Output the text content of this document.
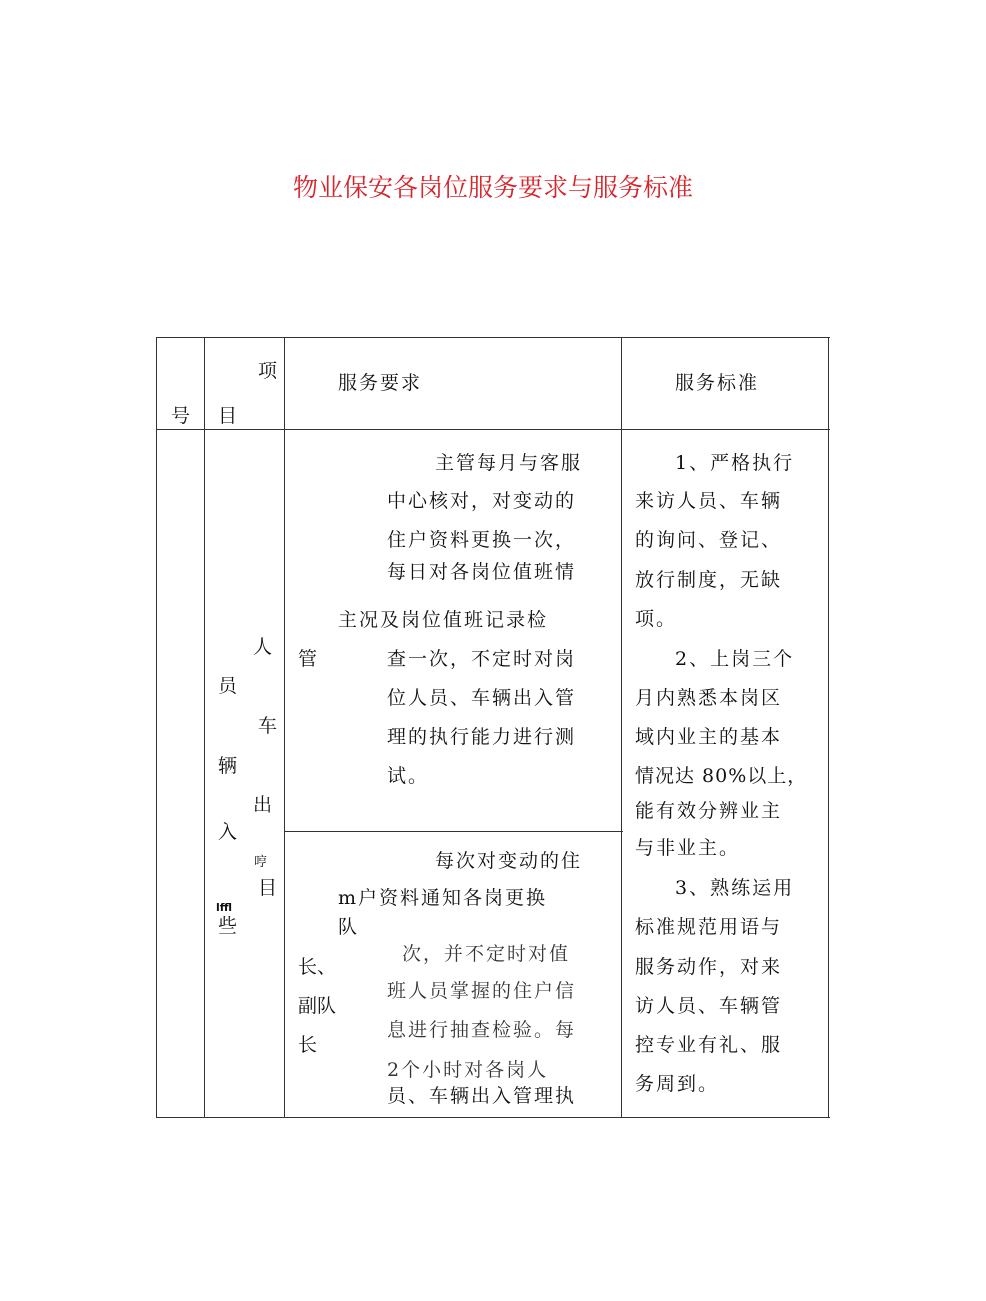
物业保安各岗位服务要求与服务标准
号
项
目
服务要求	服务标准
人
员
车
辆
出
入
哼
目
lffl
些
管
主管每月与客服
中心核对，对变动的
住户资料更换一次，
每日对各岗位值班情
主况及岗位值班记录检
查一次，不定时对岗
位人员、车辆出入管
理的执行能力进行测
试。
长、
副队
长
每次对变动的住
m户资料通知各岗更换
队
次，并不定时对值
班人员掌握的住户信
息进行抽查检验。每
2个小时对各岗人
员、车辆出入管理执
1、严格执行
来访人员、车辆
的询问、登记、
放行制度，无缺
项。
2、上岗三个
月内熟悉本岗区
域内业主的基本
情况达 80%以上，
能有效分辨业主
与非业主。
3、熟练运用
标准规范用语与
服务动作，对来
访人员、车辆管
控专业有礼、服
务周到。
